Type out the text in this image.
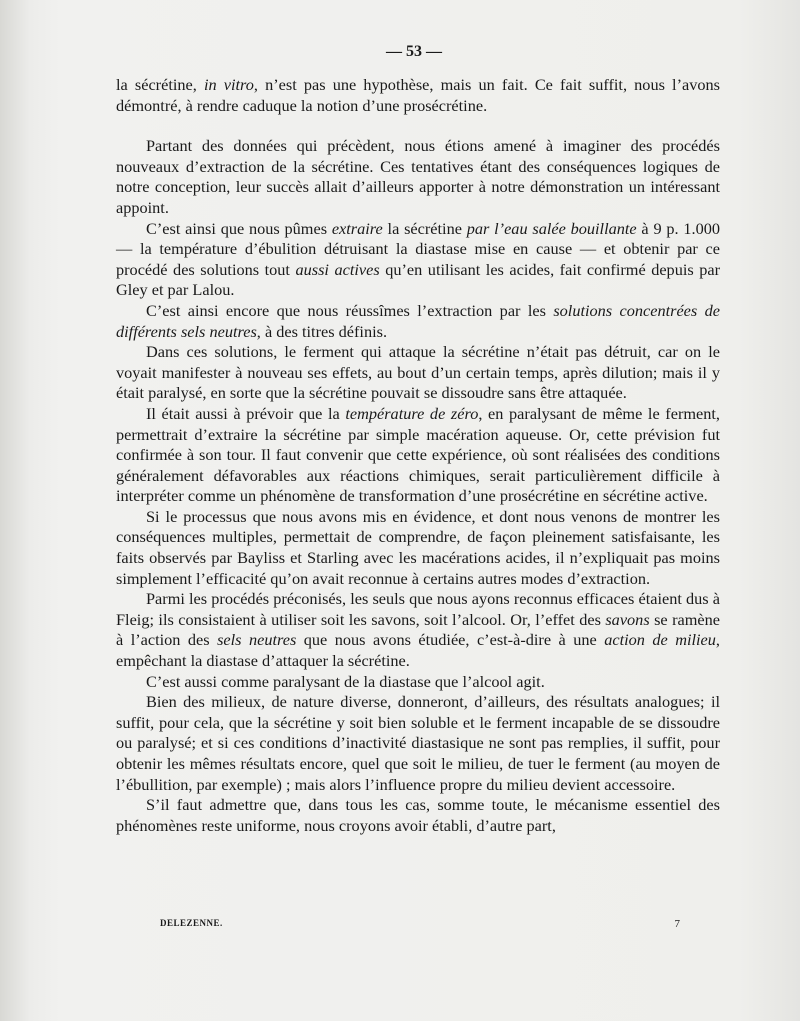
— 53 —

la sécrétine, in vitro, n’est pas une hypothèse, mais un fait. Ce fait suffit, nous l’avons démontré, à rendre caduque la notion d’une prosécrétine.

Partant des données qui précèdent, nous étions amené à imaginer des procédés nouveaux d’extraction de la sécrétine. Ces tentatives étant des conséquences logiques de notre conception, leur succès allait d’ailleurs apporter à notre démonstration un intéressant appoint.

C’est ainsi que nous pûmes extraire la sécrétine par l’eau salée bouillante à 9 p. 1.000 — la température d’ébulition détruisant la diastase mise en cause — et obtenir par ce procédé des solutions tout aussi actives qu’en utilisant les acides, fait confirmé depuis par Gley et par Lalou.

C’est ainsi encore que nous réussîmes l’extraction par les solutions concentrées de différents sels neutres, à des titres définis.

Dans ces solutions, le ferment qui attaque la sécrétine n’était pas détruit, car on le voyait manifester à nouveau ses effets, au bout d’un certain temps, après dilution; mais il y était paralysé, en sorte que la sécrétine pouvait se dissoudre sans être attaquée.

Il était aussi à prévoir que la température de zéro, en paralysant de même le ferment, permettrait d’extraire la sécrétine par simple macération aqueuse. Or, cette prévision fut confirmée à son tour. Il faut convenir que cette expérience, où sont réalisées des conditions généralement défavorables aux réactions chimiques, serait particulièrement difficile à interpréter comme un phénomène de transformation d’une prosécrétine en sécrétine active.

Si le processus que nous avons mis en évidence, et dont nous venons de montrer les conséquences multiples, permettait de comprendre, de façon pleinement satisfaisante, les faits observés par Bayliss et Starling avec les macérations acides, il n’expliquait pas moins simplement l’efficacité qu’on avait reconnue à certains autres modes d’extraction.

Parmi les procédés préconisés, les seuls que nous ayons reconnus efficaces étaient dus à Fleig; ils consistaient à utiliser soit les savons, soit l’alcool. Or, l’effet des savons se ramène à l’action des sels neutres que nous avons étudiée, c’est-à-dire à une action de milieu, empêchant la diastase d’attaquer la sécrétine.

C’est aussi comme paralysant de la diastase que l’alcool agit.

Bien des milieux, de nature diverse, donneront, d’ailleurs, des résultats analogues; il suffit, pour cela, que la sécrétine y soit bien soluble et le ferment incapable de se dissoudre ou paralysé; et si ces conditions d’inactivité diastasique ne sont pas remplies, il suffit, pour obtenir les mêmes résultats encore, quel que soit le milieu, de tuer le ferment (au moyen de l’ébullition, par exemple) ; mais alors l’influence propre du milieu devient accessoire.

S’il faut admettre que, dans tous les cas, somme toute, le mécanisme essentiel des phénomènes reste uniforme, nous croyons avoir établi, d’autre part,

DELEZENNE.	7
